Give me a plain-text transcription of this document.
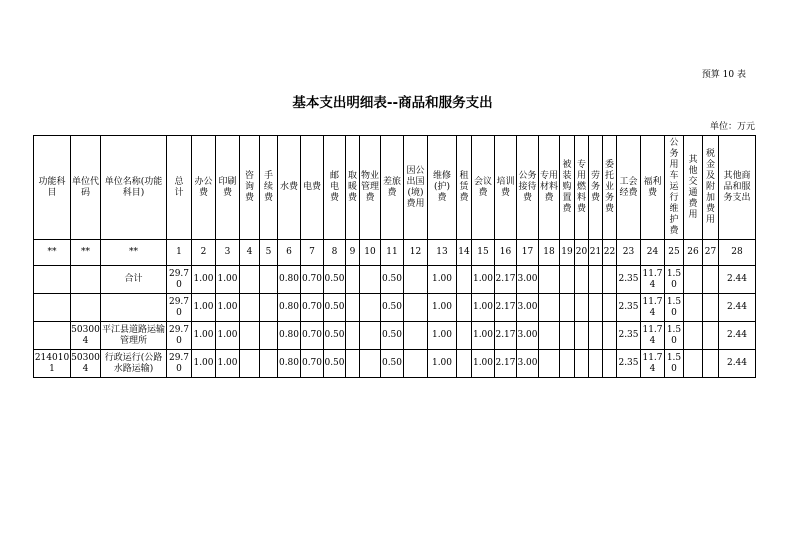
预算 10 表
基本支出明细表--商品和服务支出
单位：万元
功能科目	单位代码	单位名称(功能科目)	总计	办公费	印刷费	咨询费	手续费	水费	电费	邮电费	取暖费	物业管理费	差旅费	因公出国(境)费用	维修(护)费	租赁费	会议费	培训费	公务接待费	专用材料费	被装购置费	专用燃料费	劳务费	委托业务费	工会经费	福利费	公务用车运行维护费	其他交通费用	税金及附加费用	其他商品和服务支出
**	**	**	1	2	3	4	5	6	7	8	9	10	11	12	13	14	15	16	17	18	19	20	21	22	23	24	25	26	27	28
		合计	29.70	1.00	1.00			0.80	0.70	0.50			0.50		1.00		1.00	2.17	3.00						2.35	11.74	1.50			2.44
			29.70	1.00	1.00			0.80	0.70	0.50			0.50		1.00		1.00	2.17	3.00						2.35	11.74	1.50			2.44
	503004	平江县道路运输管理所	29.70	1.00	1.00			0.80	0.70	0.50			0.50		1.00		1.00	2.17	3.00						2.35	11.74	1.50			2.44
2140101	503004	行政运行(公路水路运输)	29.70	1.00	1.00			0.80	0.70	0.50			0.50		1.00		1.00	2.17	3.00						2.35	11.74	1.50			2.44
